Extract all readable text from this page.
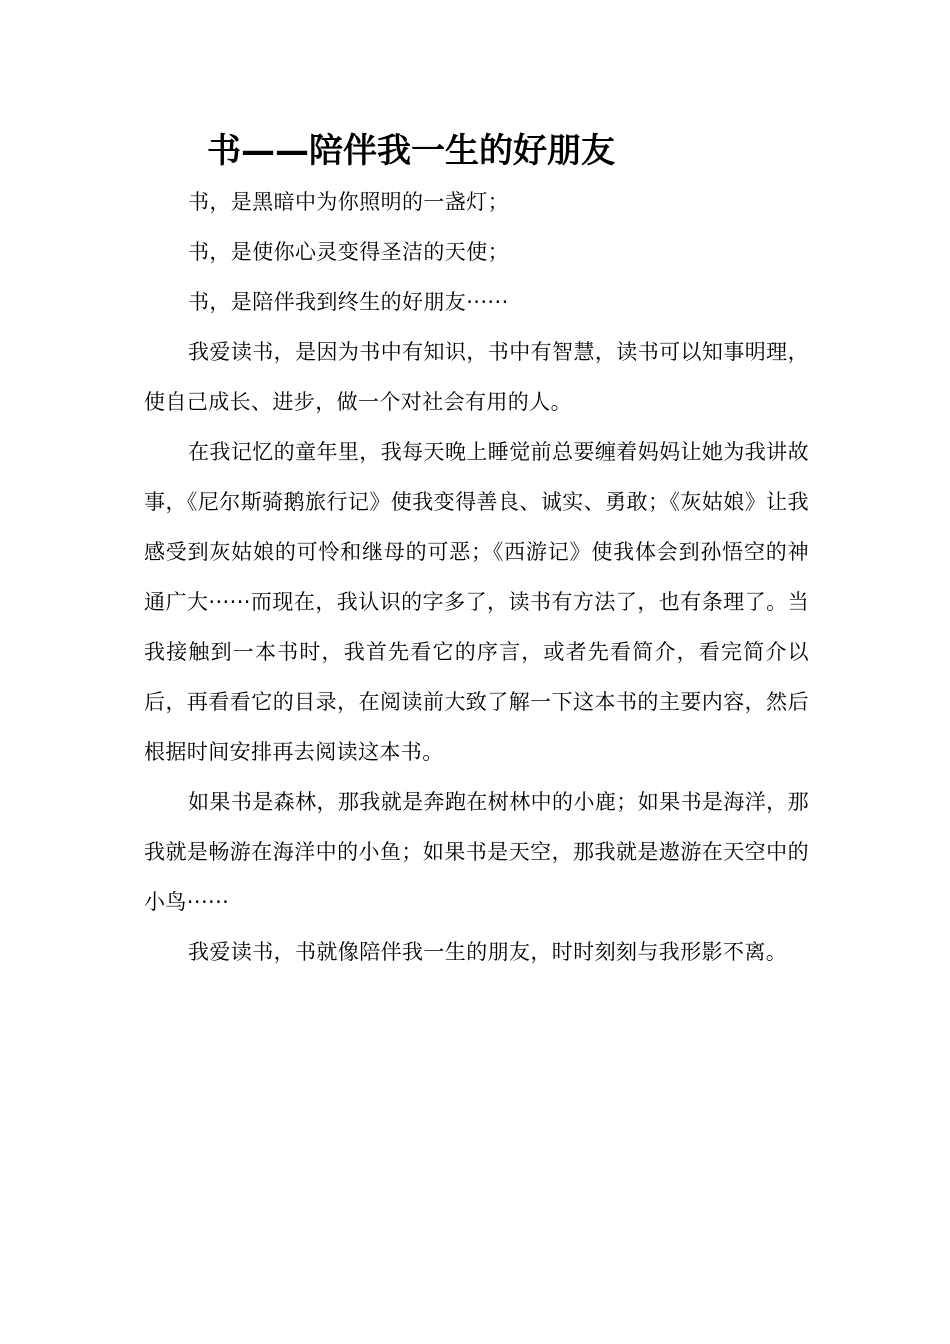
书——陪伴我一生的好朋友

书，是黑暗中为你照明的一盏灯；

书，是使你心灵变得圣洁的天使；

书，是陪伴我到终生的好朋友······

我爱读书，是因为书中有知识，书中有智慧，读书可以知事明理，使自己成长、进步，做一个对社会有用的人。

在我记忆的童年里，我每天晚上睡觉前总要缠着妈妈让她为我讲故事，《尼尔斯骑鹅旅行记》使我变得善良、诚实、勇敢；《灰姑娘》让我感受到灰姑娘的可怜和继母的可恶；《西游记》使我体会到孙悟空的神通广大······而现在，我认识的字多了，读书有方法了，也有条理了。当我接触到一本书时，我首先看它的序言，或者先看简介，看完简介以后，再看看它的目录，在阅读前大致了解一下这本书的主要内容，然后根据时间安排再去阅读这本书。

如果书是森林，那我就是奔跑在树林中的小鹿；如果书是海洋，那我就是畅游在海洋中的小鱼；如果书是天空，那我就是遨游在天空中的小鸟······

我爱读书，书就像陪伴我一生的朋友，时时刻刻与我形影不离。
